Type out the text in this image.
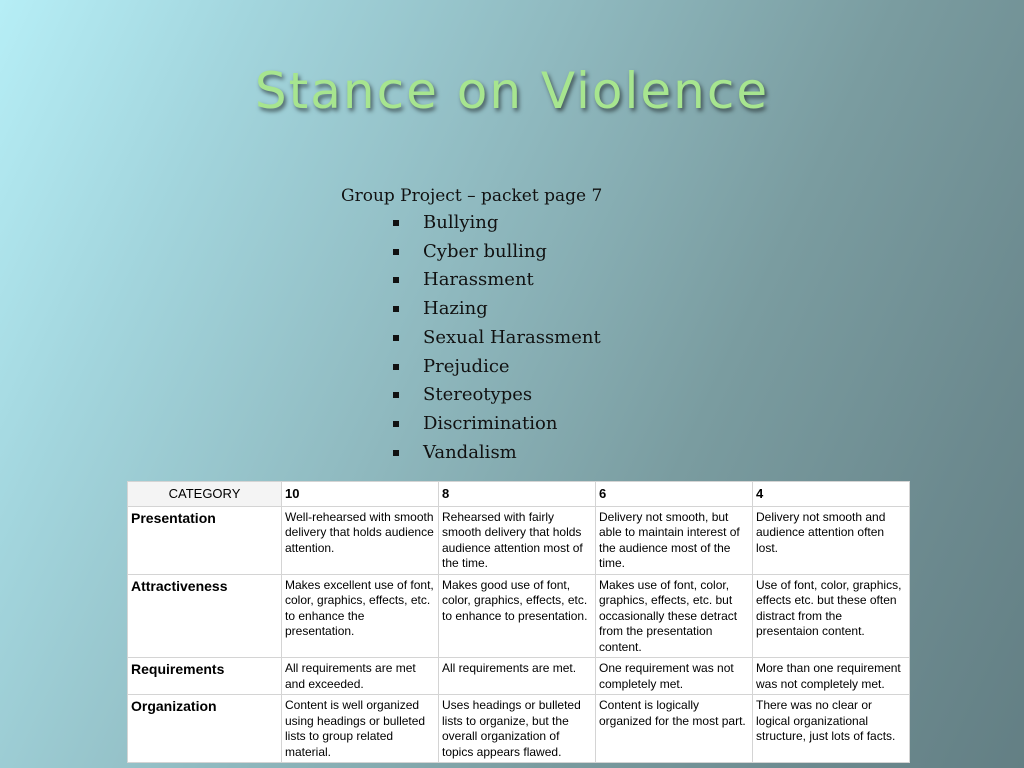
Stance on Violence

Group Project – packet page 7

Bullying
Cyber bulling
Harassment
Hazing
Sexual Harassment
Prejudice
Stereotypes
Discrimination
Vandalism
CATEGORY	10	8	6	4
Presentation	Well-rehearsed with smooth delivery that holds audience attention.	Rehearsed with fairly smooth delivery that holds audience attention most of the time.	Delivery not smooth, but able to maintain interest of the audience most of the time.	Delivery not smooth and audience attention often lost.
Attractiveness	Makes excellent use of font, color, graphics, effects, etc. to enhance the presentation.	Makes good use of font, color, graphics, effects, etc. to enhance to presentation.	Makes use of font, color, graphics, effects, etc. but occasionally these detract from the presentation content.	Use of font, color, graphics, effects etc. but these often distract from the presentaion content.
Requirements	All requirements are met and exceeded.	All requirements are met.	One requirement was not completely met.	More than one requirement was not completely met.
Organization	Content is well organized using headings or bulleted lists to group related material.	Uses headings or bulleted lists to organize, but the overall organization of topics appears flawed.	Content is logically organized for the most part.	There was no clear or logical organizational structure, just lots of facts.
